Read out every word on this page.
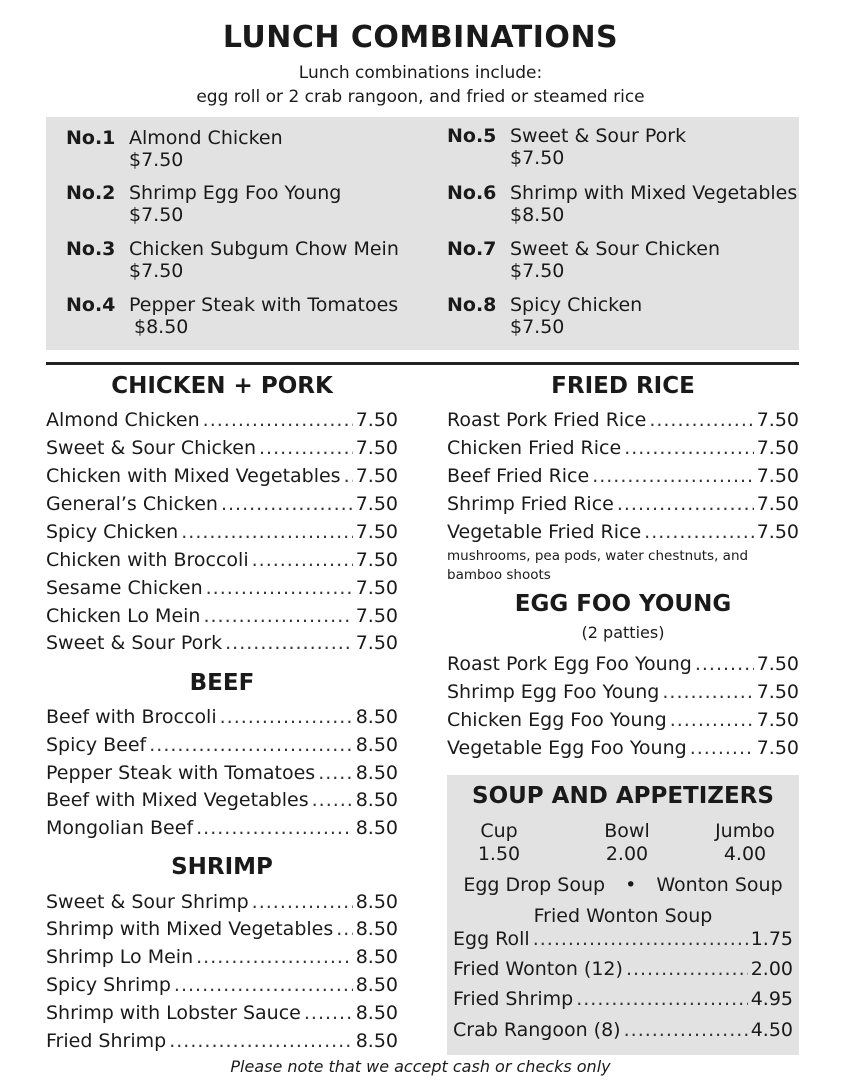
LUNCH COMBINATIONS
Lunch combinations include:
egg roll or 2 crab rangoon, and fried or steamed rice
No.1 Almond Chicken
$7.50
No.2 Shrimp Egg Foo Young
$7.50
No.3 Chicken Subgum Chow Mein
$7.50
No.4 Pepper Steak with Tomatoes
$8.50
No.5 Sweet & Sour Pork
$7.50
No.6 Shrimp with Mixed Vegetables
$8.50
No.7 Sweet & Sour Chicken
$7.50
No.8 Spicy Chicken
$7.50
CHICKEN + PORK
Almond Chicken .....	7.50
Sweet & Sour Chicken .....	7.50
Chicken with Mixed Vegetables ..... 7.50
General’s Chicken .....	7.50
Spicy Chicken .....	7.50
Chicken with Broccoli .....	7.50
Sesame Chicken .....	7.50
Chicken Lo Mein .....	7.50
Sweet & Sour Pork .....	7.50
BEEF
Beef with Broccoli .....	8.50
Spicy Beef .....	8.50
Pepper Steak with Tomatoes ..... 8.50
Beef with Mixed Vegetables ..... 8.50
Mongolian Beef .....	8.50
SHRIMP
Sweet & Sour Shrimp .....	8.50
Shrimp with Mixed Vegetables ..... 8.50
Shrimp Lo Mein .....	8.50
Spicy Shrimp .....	8.50
Shrimp with Lobster Sauce .....	8.50
Fried Shrimp .....	8.50
FRIED RICE
Roast Pork Fried Rice .....	7.50
Chicken Fried Rice .....	7.50
Beef Fried Rice .....	7.50
Shrimp Fried Rice .....	7.50
Vegetable Fried Rice .....	7.50
mushrooms, pea pods, water chestnuts, and
bamboo shoots
EGG FOO YOUNG
(2 patties)
Roast Pork Egg Foo Young .....	7.50
Shrimp Egg Foo Young .....	7.50
Chicken Egg Foo Young .....	7.50
Vegetable Egg Foo Young .....	7.50
SOUP AND APPETIZERS
Cup
1.50
Bowl
2.00
Jumbo
4.00
Egg Drop Soup • Wonton Soup
Fried Wonton Soup
Egg Roll .....	1.75
Fried Wonton (12) .....	2.00
Fried Shrimp .....	4.95
Crab Rangoon (8) .....	4.50
Please note that we accept cash or checks only
